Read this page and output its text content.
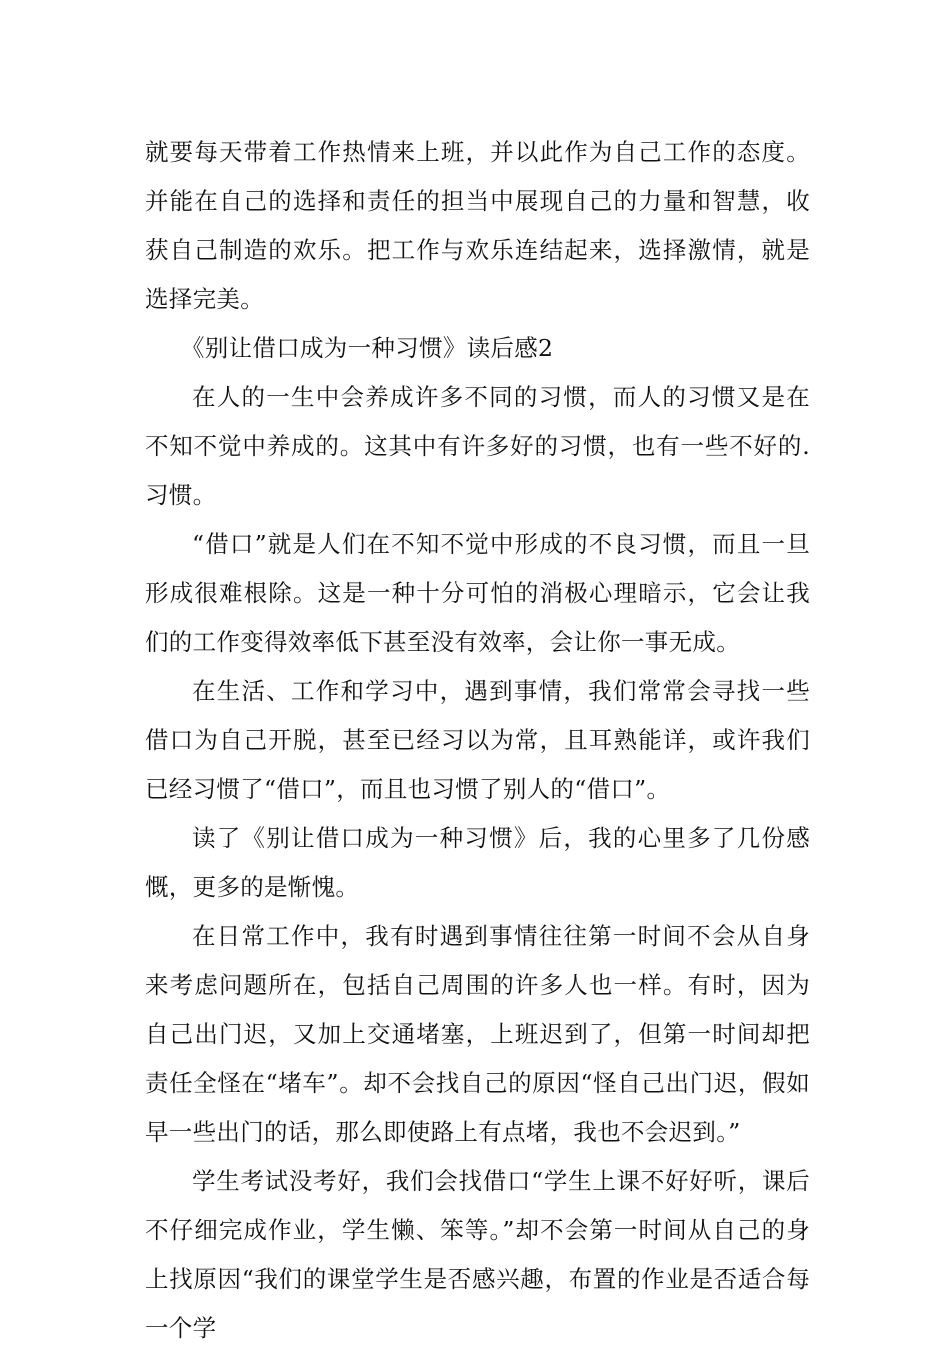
就要每天带着工作热情来上班，并以此作为自己工作的态度。并能在自己的选择和责任的担当中展现自己的力量和智慧，收获自己制造的欢乐。把工作与欢乐连结起来，选择激情，就是选择完美。

《别让借口成为一种习惯》读后感2

在人的一生中会养成许多不同的习惯，而人的习惯又是在不知不觉中养成的。这其中有许多好的习惯，也有一些不好的.习惯。

“借口”就是人们在不知不觉中形成的不良习惯，而且一旦形成很难根除。这是一种十分可怕的消极心理暗示，它会让我们的工作变得效率低下甚至没有效率，会让你一事无成。

在生活、工作和学习中，遇到事情，我们常常会寻找一些借口为自己开脱，甚至已经习以为常，且耳熟能详，或许我们已经习惯了“借口”，而且也习惯了别人的“借口”。

读了《别让借口成为一种习惯》后，我的心里多了几份感慨，更多的是惭愧。

在日常工作中，我有时遇到事情往往第一时间不会从自身来考虑问题所在，包括自己周围的许多人也一样。有时，因为自己出门迟，又加上交通堵塞，上班迟到了，但第一时间却把责任全怪在“堵车”。却不会找自己的原因“怪自己出门迟，假如早一些出门的话，那么即使路上有点堵，我也不会迟到。”

学生考试没考好，我们会找借口“学生上课不好好听，课后不仔细完成作业，学生懒、笨等。”却不会第一时间从自己的身上找原因“我们的课堂学生是否感兴趣，布置的作业是否适合每一个学
